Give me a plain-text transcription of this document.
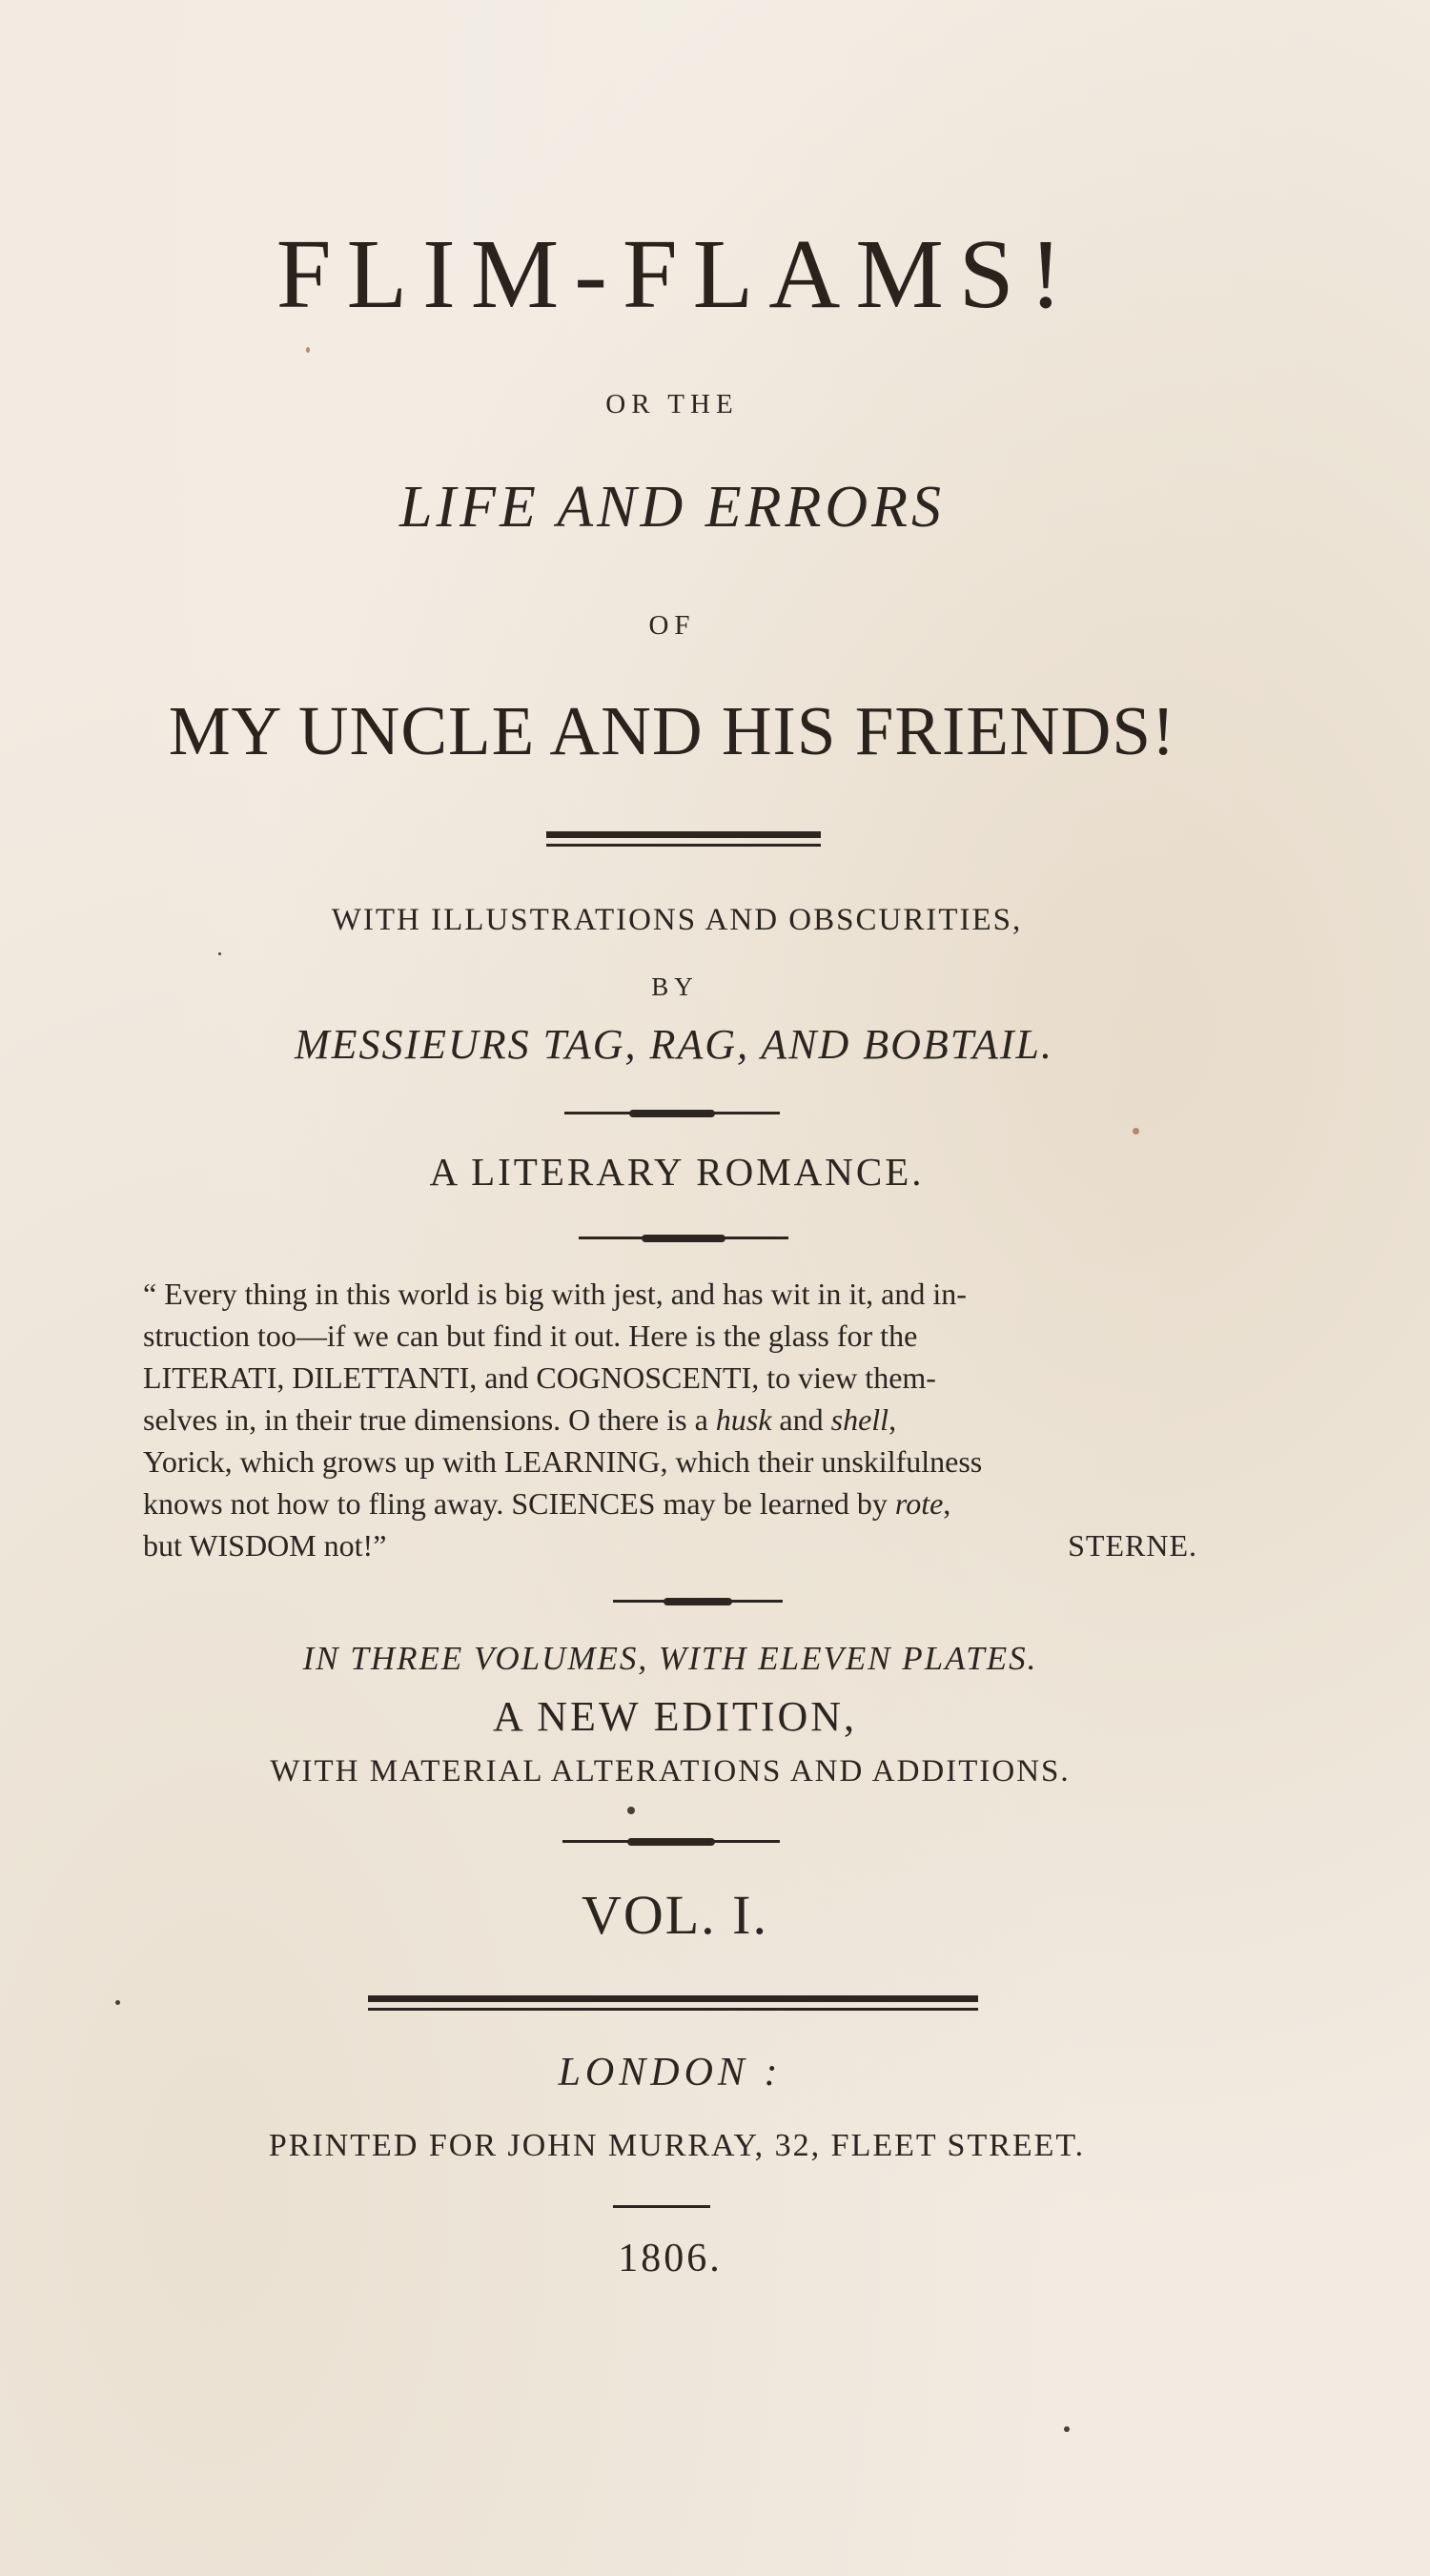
FLIM-FLAMS!
OR THE
LIFE AND ERRORS
OF
MY UNCLE AND HIS FRIENDS!
WITH ILLUSTRATIONS AND OBSCURITIES,
BY
MESSIEURS TAG, RAG, AND BOBTAIL.
A LITERARY ROMANCE.

“ Every thing in this world is big with jest, and has wit in it, and in-

struction too—if we can but find it out. Here is the glass for the

LITERATI, DILETTANTI, and COGNOSCENTI, to view them-

selves in, in their true dimensions. O there is a husk and shell,

Yorick, which grows up with LEARNING, which their unskilfulness

knows not how to fling away. SCIENCES may be learned by rote,

but WISDOM not!”	STERNE.

IN THREE VOLUMES, WITH ELEVEN PLATES.
A NEW EDITION,
WITH MATERIAL ALTERATIONS AND ADDITIONS.
VOL. I.
LONDON :
PRINTED FOR JOHN MURRAY, 32, FLEET STREET.
1806.
